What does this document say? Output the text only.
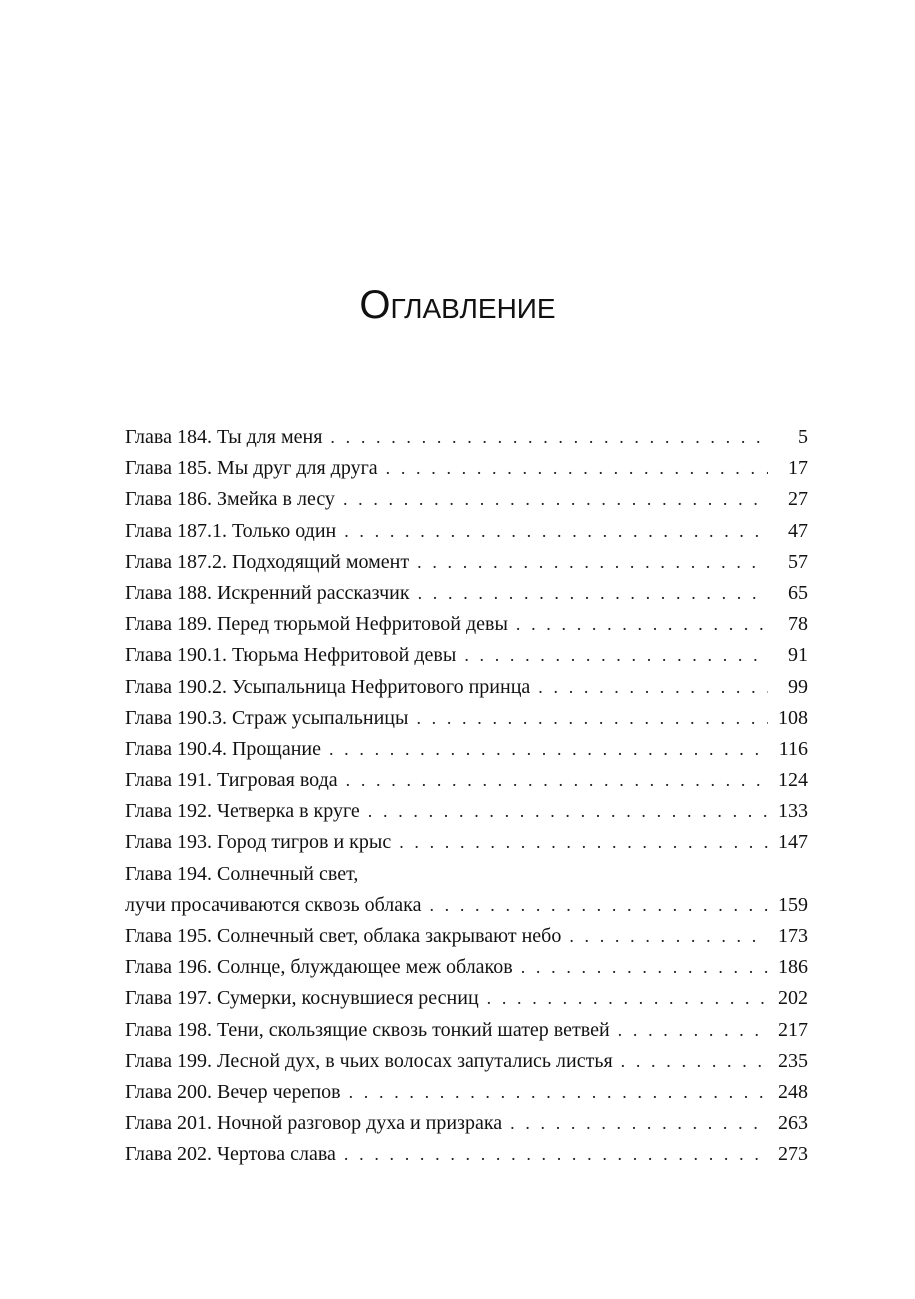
Оглавление
Глава 184. Ты для меня . . .	5
Глава 185. Мы друг для друга . . .	17
Глава 186. Змейка в лесу . . .	27
Глава 187.1. Только один . . .	47
Глава 187.2. Подходящий момент . . .	57
Глава 188. Искренний рассказчик . . .	65
Глава 189. Перед тюрьмой Нефритовой девы . . .	78
Глава 190.1. Тюрьма Нефритовой девы . . .	91
Глава 190.2. Усыпальница Нефритового принца . . .	99
Глава 190.3. Страж усыпальницы . . .	108
Глава 190.4. Прощание . . .	116
Глава 191. Тигровая вода . . .	124
Глава 192. Четверка в круге . . .	133
Глава 193. Город тигров и крыс . . .	147
Глава 194. Солнечный свет,
лучи просачиваются сквозь облака . . .	159
Глава 195. Солнечный свет, облака закрывают небо . . .	173
Глава 196. Солнце, блуждающее меж облаков . . .	186
Глава 197. Сумерки, коснувшиеся ресниц . . .	202
Глава 198. Тени, скользящие сквозь тонкий шатер ветвей . . .	217
Глава 199. Лесной дух, в чьих волосах запутались листья . . .	235
Глава 200. Вечер черепов . . .	248
Глава 201. Ночной разговор духа и призрака . . .	263
Глава 202. Чертова слава . . .	273
